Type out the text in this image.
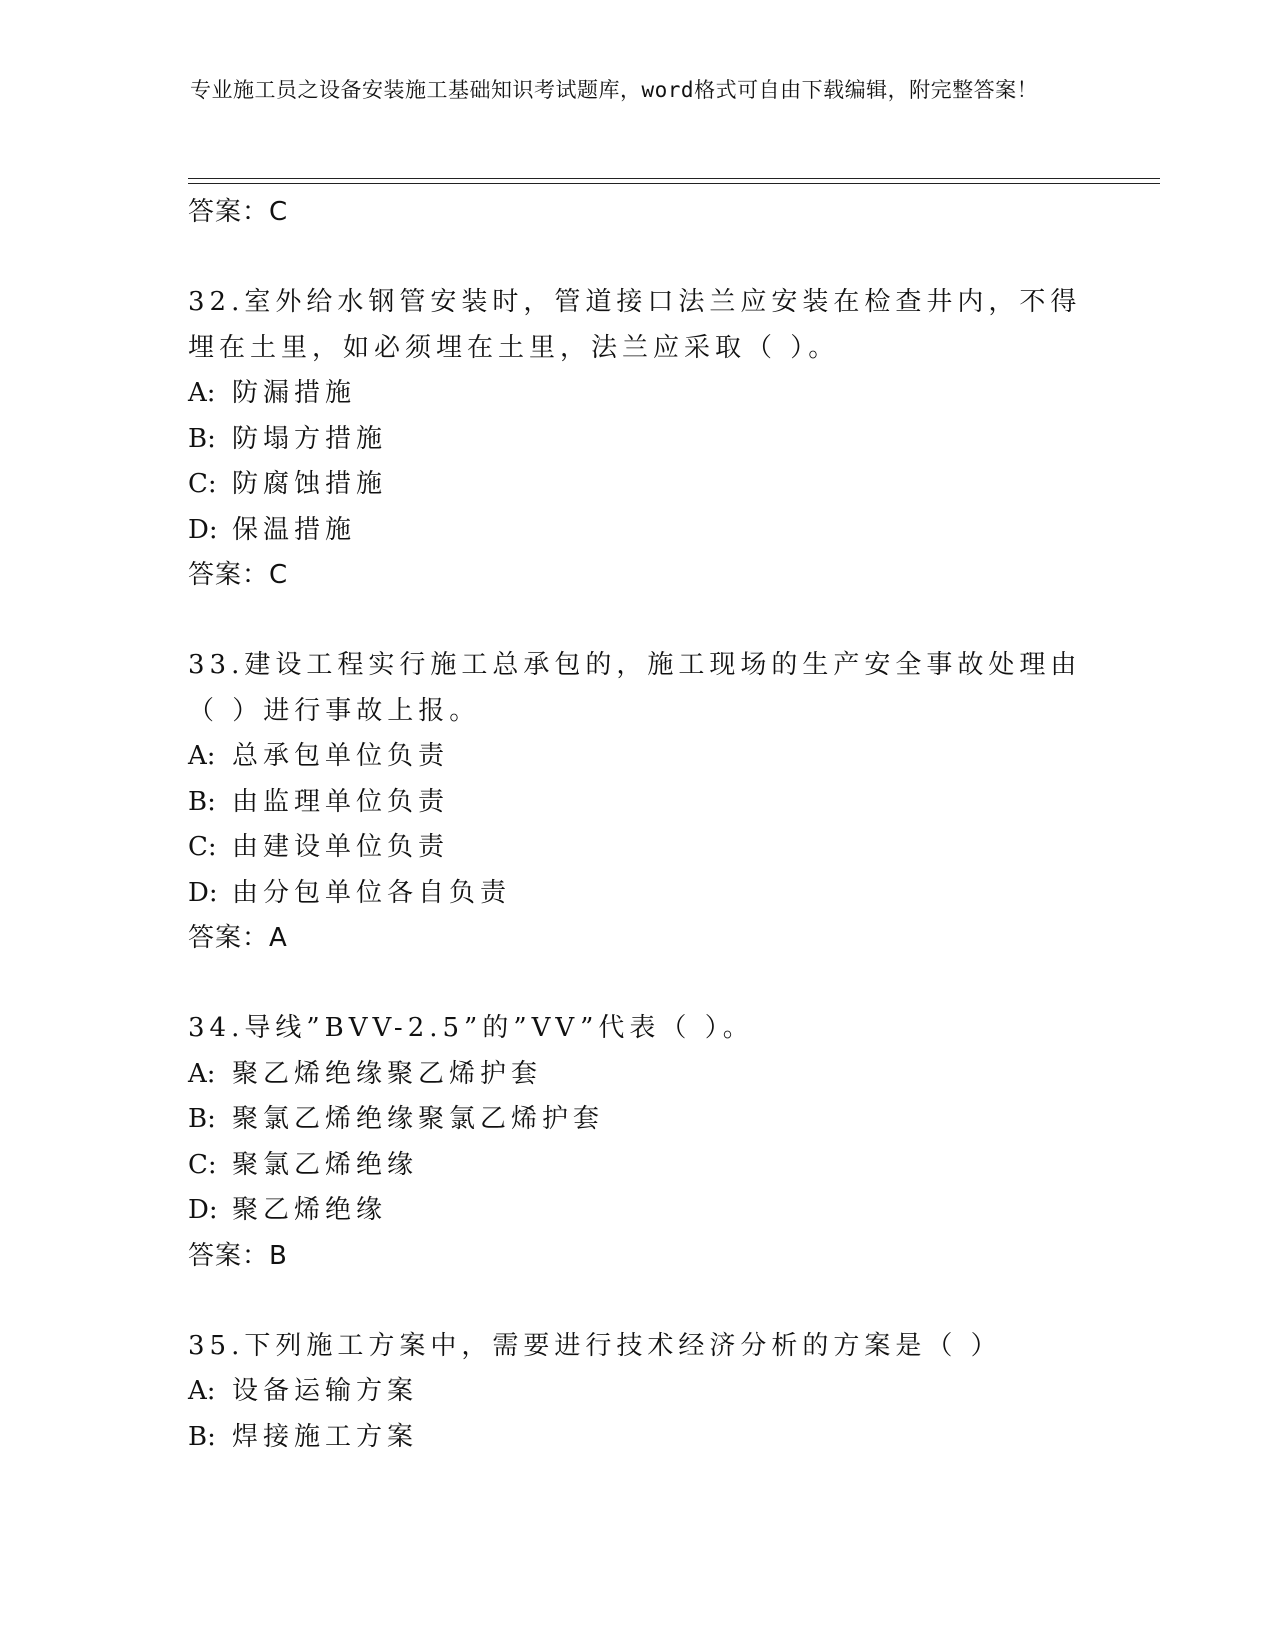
专业施工员之设备安装施工基础知识考试题库，word格式可自由下载编辑，附完整答案！
答案：C
32.室外给水钢管安装时，管道接口法兰应安装在检查井内，不得埋在土里，如必须埋在土里，法兰应采取（ ）。
A: 防漏措施
B: 防塌方措施
C: 防腐蚀措施
D: 保温措施
答案：C
33.建设工程实行施工总承包的，施工现场的生产安全事故处理由（ ）进行事故上报。
A: 总承包单位负责
B: 由监理单位负责
C: 由建设单位负责
D: 由分包单位各自负责
答案：A
34.导线”BVV-2.5”的”VV”代表（ ）。
A: 聚乙烯绝缘聚乙烯护套
B: 聚氯乙烯绝缘聚氯乙烯护套
C: 聚氯乙烯绝缘
D: 聚乙烯绝缘
答案：B
35.下列施工方案中，需要进行技术经济分析的方案是（ ）
A: 设备运输方案
B: 焊接施工方案
